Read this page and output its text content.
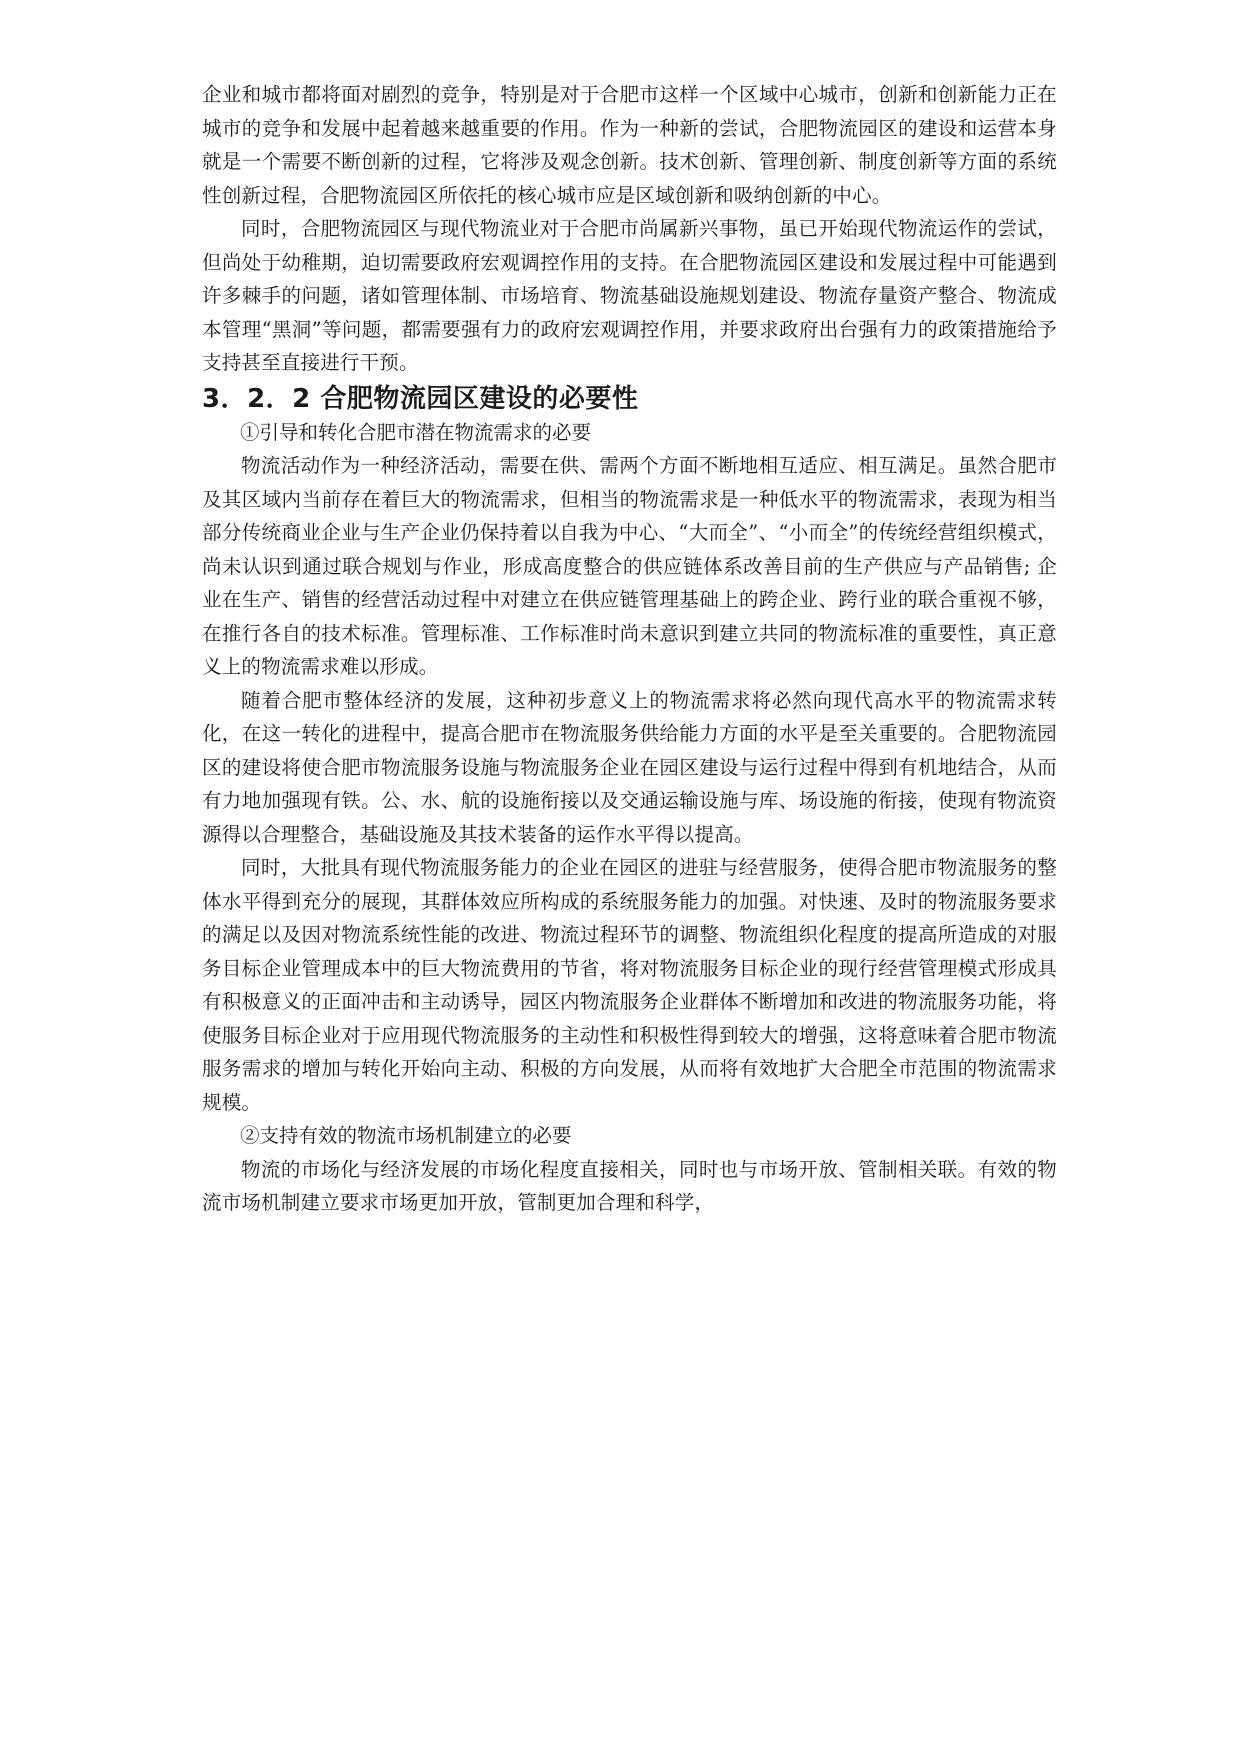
企业和城市都将面对剧烈的竞争，特别是对于合肥市这样一个区域中心城市，创新和创新能力正在城市的竞争和发展中起着越来越重要的作用。作为一种新的尝试，合肥物流园区的建设和运营本身就是一个需要不断创新的过程，它将涉及观念创新。技术创新、管理创新、制度创新等方面的系统性创新过程，合肥物流园区所依托的核心城市应是区域创新和吸纳创新的中心。

同时，合肥物流园区与现代物流业对于合肥市尚属新兴事物，虽已开始现代物流运作的尝试，但尚处于幼稚期，迫切需要政府宏观调控作用的支持。在合肥物流园区建设和发展过程中可能遇到许多棘手的问题，诸如管理体制、市场培育、物流基础设施规划建设、物流存量资产整合、物流成本管理“黑洞”等问题，都需要强有力的政府宏观调控作用，并要求政府出台强有力的政策措施给予支持甚至直接进行干预。

3．2．2 合肥物流园区建设的必要性

①引导和转化合肥市潜在物流需求的必要

物流活动作为一种经济活动，需要在供、需两个方面不断地相互适应、相互满足。虽然合肥市及其区域内当前存在着巨大的物流需求，但相当的物流需求是一种低水平的物流需求，表现为相当部分传统商业企业与生产企业仍保持着以自我为中心、“大而全”、“小而全”的传统经营组织模式，尚未认识到通过联合规划与作业，形成高度整合的供应链体系改善目前的生产供应与产品销售; 企业在生产、销售的经营活动过程中对建立在供应链管理基础上的跨企业、跨行业的联合重视不够，在推行各自的技术标准。管理标准、工作标准时尚未意识到建立共同的物流标准的重要性，真正意义上的物流需求难以形成。

随着合肥市整体经济的发展，这种初步意义上的物流需求将必然向现代高水平的物流需求转化，在这一转化的进程中，提高合肥市在物流服务供给能力方面的水平是至关重要的。合肥物流园区的建设将使合肥市物流服务设施与物流服务企业在园区建设与运行过程中得到有机地结合，从而有力地加强现有铁。公、水、航的设施衔接以及交通运输设施与库、场设施的衔接，使现有物流资源得以合理整合，基础设施及其技术装备的运作水平得以提高。

同时，大批具有现代物流服务能力的企业在园区的进驻与经营服务，使得合肥市物流服务的整体水平得到充分的展现，其群体效应所构成的系统服务能力的加强。对快速、及时的物流服务要求的满足以及因对物流系统性能的改进、物流过程环节的调整、物流组织化程度的提高所造成的对服务目标企业管理成本中的巨大物流费用的节省，将对物流服务目标企业的现行经营管理模式形成具有积极意义的正面冲击和主动诱导，园区内物流服务企业群体不断增加和改进的物流服务功能，将使服务目标企业对于应用现代物流服务的主动性和积极性得到较大的增强，这将意味着合肥市物流服务需求的增加与转化开始向主动、积极的方向发展，从而将有效地扩大合肥全市范围的物流需求规模。

②支持有效的物流市场机制建立的必要

物流的市场化与经济发展的市场化程度直接相关，同时也与市场开放、管制相关联。有效的物流市场机制建立要求市场更加开放，管制更加合理和科学，
